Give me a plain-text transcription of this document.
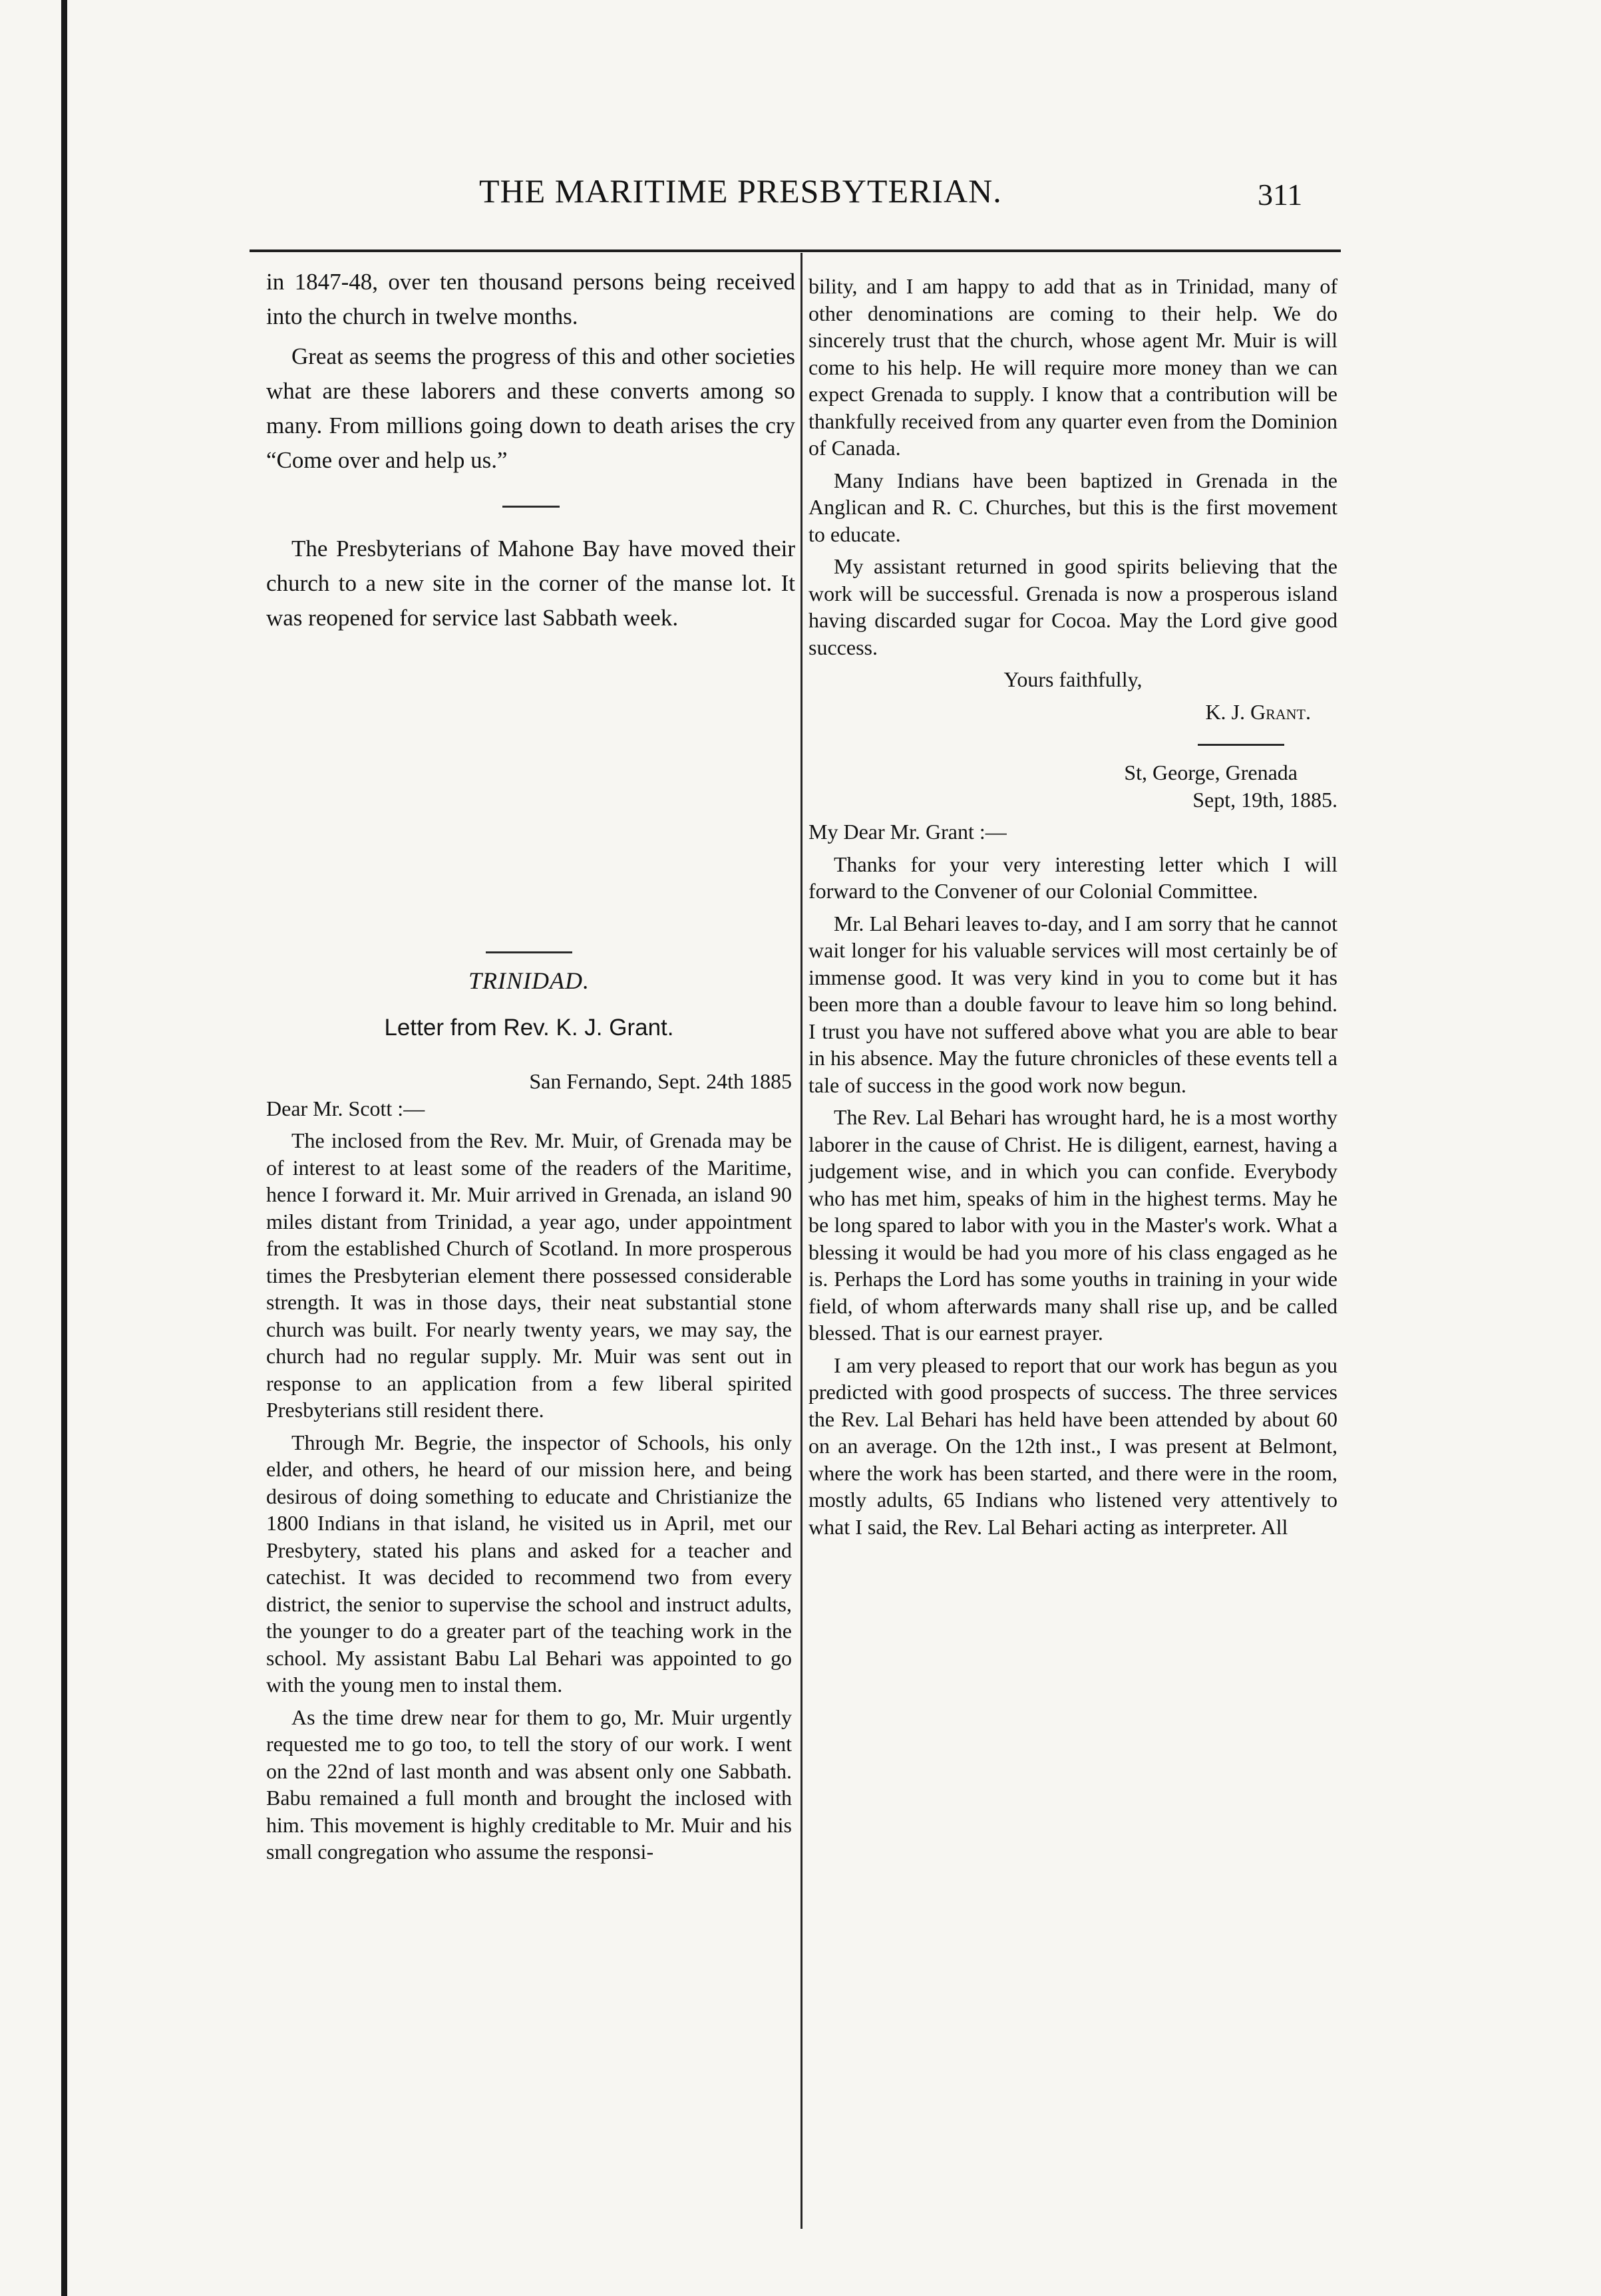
THE MARITIME PRESBYTERIAN.	311

in 1847-48, over ten thousand persons being received into the church in twelve months.

Great as seems the progress of this and other societies what are these laborers and these converts among so many. From millions going down to death arises the cry “Come over and help us.”

The Presbyterians of Mahone Bay have moved their church to a new site in the corner of the manse lot. It was reopened for service last Sabbath week.

TRINIDAD.
Letter from Rev. K. J. Grant.

San Fernando, Sept. 24th 1885

Dear Mr. Scott :—

The inclosed from the Rev. Mr. Muir, of Grenada may be of interest to at least some of the readers of the Maritime, hence I forward it. Mr. Muir arrived in Grenada, an island 90 miles distant from Trinidad, a year ago, under appointment from the established Church of Scotland. In more prosperous times the Presbyterian element there possessed considerable strength. It was in those days, their neat substantial stone church was built. For nearly twenty years, we may say, the church had no regular supply. Mr. Muir was sent out in response to an application from a few liberal spirited Presbyterians still resident there.

Through Mr. Begrie, the inspector of Schools, his only elder, and others, he heard of our mission here, and being desirous of doing something to educate and Christianize the 1800 Indians in that island, he visited us in April, met our Presbytery, stated his plans and asked for a teacher and catechist. It was decided to recommend two from every district, the senior to supervise the school and instruct adults, the younger to do a greater part of the teaching work in the school. My assistant Babu Lal Behari was appointed to go with the young men to instal them.

As the time drew near for them to go, Mr. Muir urgently requested me to go too, to tell the story of our work. I went on the 22nd of last month and was absent only one Sabbath. Babu remained a full month and brought the inclosed with him. This movement is highly creditable to Mr. Muir and his small congregation who assume the responsi-

bility, and I am happy to add that as in Trinidad, many of other denominations are coming to their help. We do sincerely trust that the church, whose agent Mr. Muir is will come to his help. He will require more money than we can expect Grenada to supply. I know that a contribution will be thankfully received from any quarter even from the Dominion of Canada.

Many Indians have been baptized in Grenada in the Anglican and R. C. Churches, but this is the first movement to educate.

My assistant returned in good spirits believing that the work will be successful. Grenada is now a prosperous island having discarded sugar for Cocoa. May the Lord give good success.

Yours faithfully,

K. J. Grant.

St, George, Grenada

Sept, 19th, 1885.

My Dear Mr. Grant :—

Thanks for your very interesting letter which I will forward to the Convener of our Colonial Committee.

Mr. Lal Behari leaves to-day, and I am sorry that he cannot wait longer for his valuable services will most certainly be of immense good. It was very kind in you to come but it has been more than a double favour to leave him so long behind. I trust you have not suffered above what you are able to bear in his absence. May the future chronicles of these events tell a tale of success in the good work now begun.

The Rev. Lal Behari has wrought hard, he is a most worthy laborer in the cause of Christ. He is diligent, earnest, having a judgement wise, and in which you can confide. Everybody who has met him, speaks of him in the highest terms. May he be long spared to labor with you in the Master's work. What a blessing it would be had you more of his class engaged as he is. Perhaps the Lord has some youths in training in your wide field, of whom afterwards many shall rise up, and be called blessed. That is our earnest prayer.

I am very pleased to report that our work has begun as you predicted with good prospects of success. The three services the Rev. Lal Behari has held have been attended by about 60 on an average. On the 12th inst., I was present at Belmont, where the work has been started, and there were in the room, mostly adults, 65 Indians who listened very attentively to what I said, the Rev. Lal Behari acting as interpreter. All
